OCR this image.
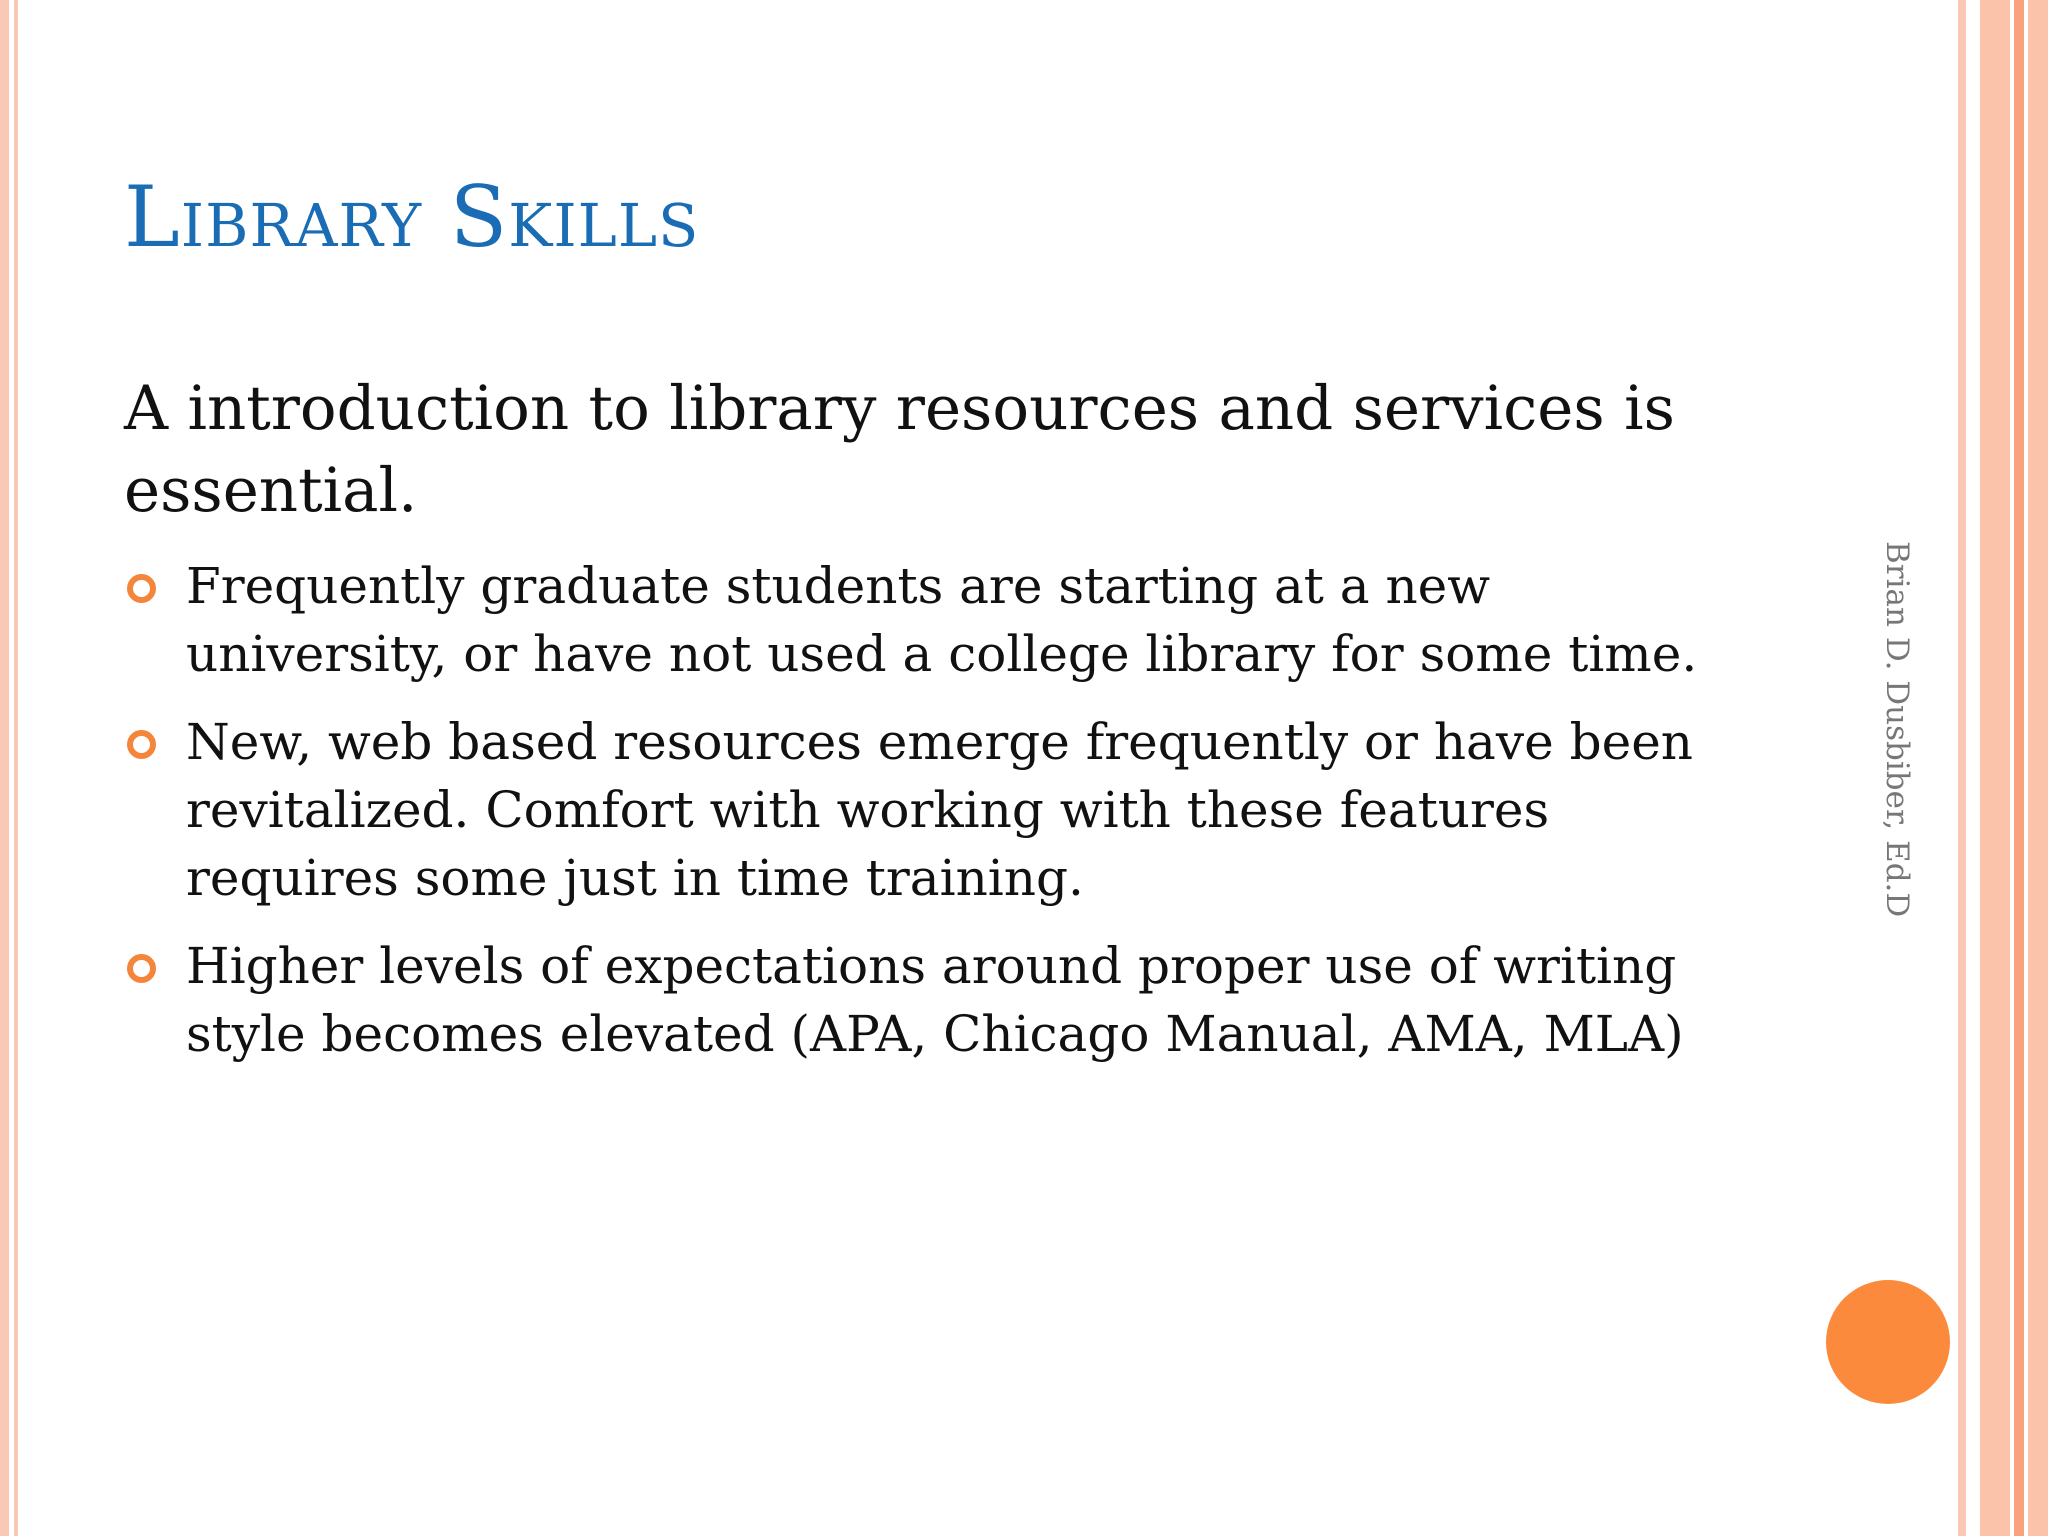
Library Skills

A introduction to library resources and services is essential.

Frequently graduate students are starting at a new university, or have not used a college library for some time.
New, web based resources emerge frequently or have been revitalized. Comfort with working with these features requires some just in time training.
Higher levels of expectations around proper use of writing style becomes elevated (APA, Chicago Manual, AMA, MLA)
Brian D. Dusbiber, Ed.D
